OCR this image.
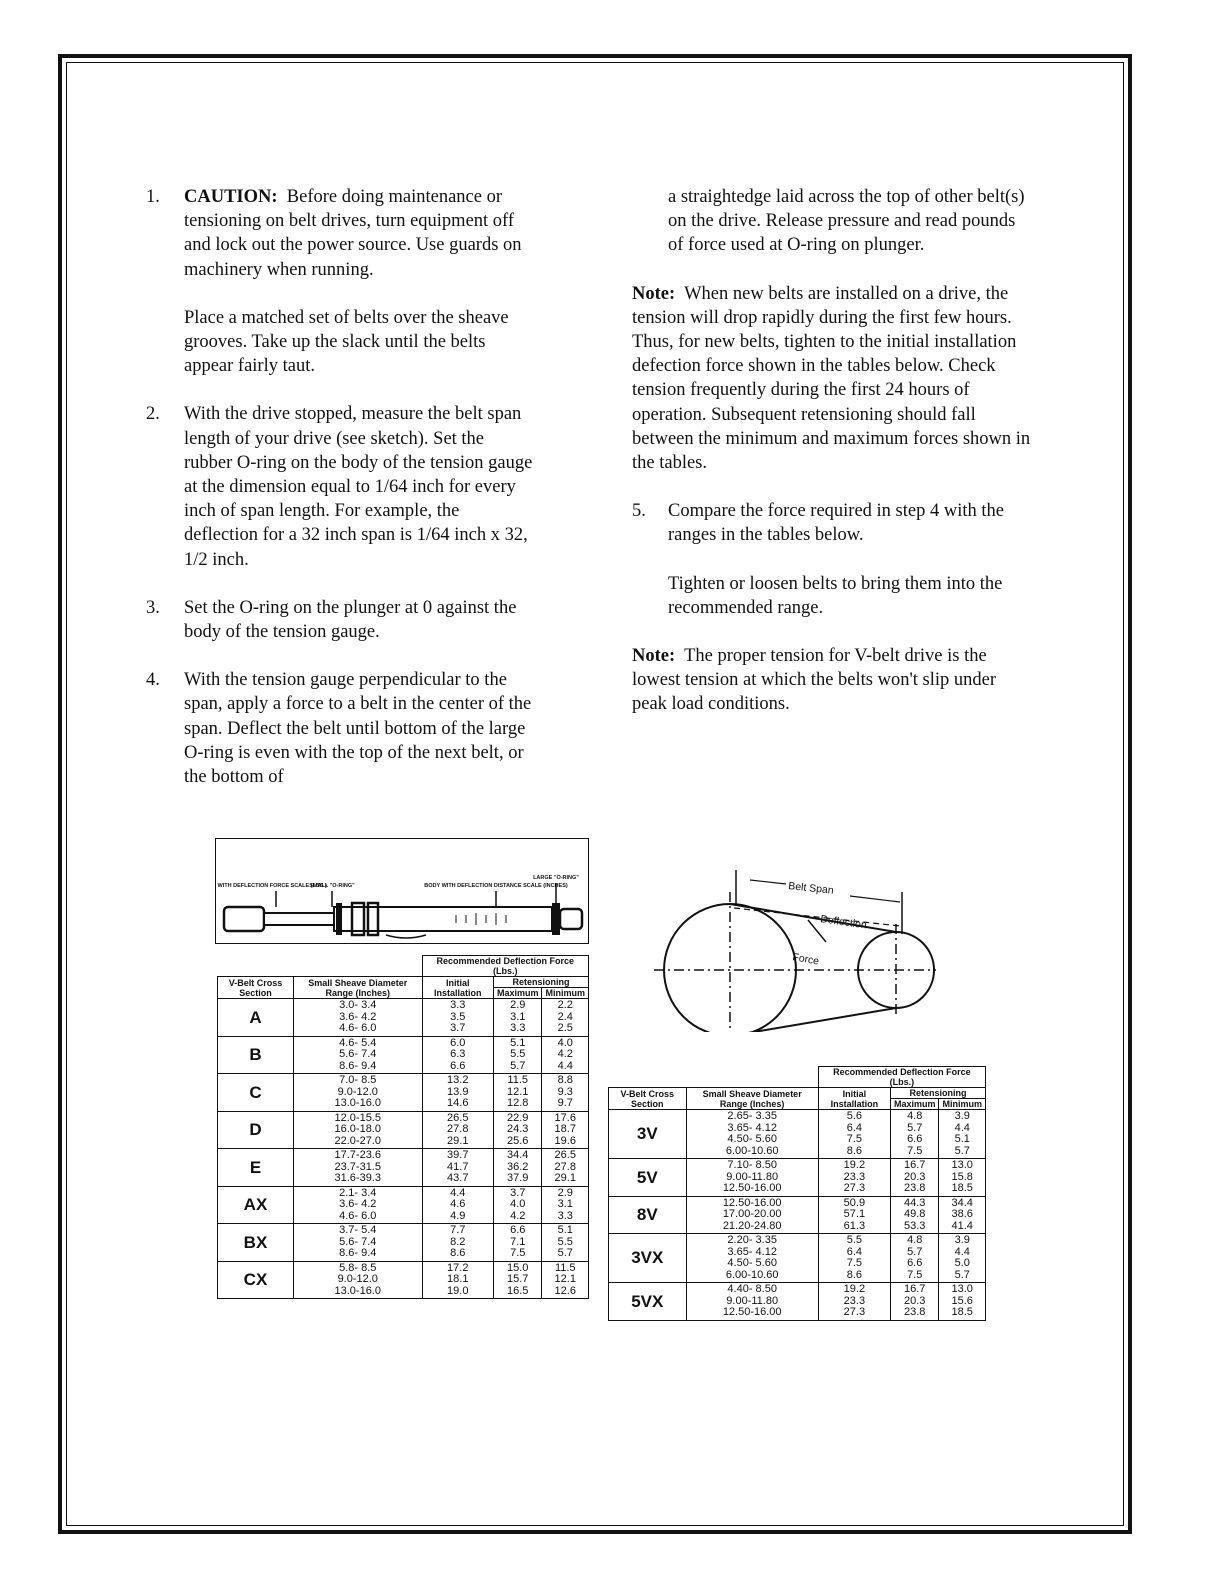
1.	CAUTION: Before doing maintenance or tensioning on belt drives, turn equipment off and lock out the power source. Use guards on machinery when running.

Place a matched set of belts over the sheave grooves. Take up the slack until the belts appear fairly taut.

2.	With the drive stopped, measure the belt span length of your drive (see sketch). Set the rubber O-ring on the body of the tension gauge at the dimension equal to 1/64 inch for every inch of span length. For example, the deflection for a 32 inch span is 1/64 inch x 32, 1/2 inch.

3.	Set the O-ring on the plunger at 0 against the body of the tension gauge.

4.	With the tension gauge perpendicular to the span, apply a force to a belt in the center of the span. Deflect the belt until bottom of the large O-ring is even with the top of the next belt, or the bottom of

a straightedge laid across the top of other belt(s) on the drive. Release pressure and read pounds of force used at O-ring on plunger.

Note: When new belts are installed on a drive, the tension will drop rapidly during the first few hours. Thus, for new belts, tighten to the initial installation defection force shown in the tables below. Check tension frequently during the first 24 hours of operation. Subsequent retensioning should fall between the minimum and maximum forces shown in the tables.

5.	Compare the force required in step 4 with the ranges in the tables below.

Tighten or loosen belts to bring them into the recommended range.

Note: The proper tension for V-belt drive is the lowest tension at which the belts won't slip under peak load conditions.

WITH DEFLECTION FORCE SCALE (LBS.)
SMALL "O-RING"	BODY WITH DEFLECTION DISTANCE SCALE (INCHES)
LARGE "O-RING"
Belt Span
Deflection
Force
		Recommended Deflection Force (Lbs.)		
V-Belt Cross Section	Small Sheave Diameter Range (Inches)	Initial Installation	Retensioning	
			Maximum	Minimum
A	3.0- 3.4
3.6- 4.2
4.6- 6.0	3.3
3.5
3.7	2.9
3.1
3.3	2.2
2.4
2.5

B	4.6- 5.4
5.6- 7.4
8.6- 9.4	6.0
6.3
6.6	5.1
5.5
5.7	4.0
4.2
4.4

C	7.0- 8.5
9.0-12.0
13.0-16.0	13.2
13.9
14.6	11.5
12.1
12.8	8.8
9.3
9.7

D	12.0-15.5
16.0-18.0
22.0-27.0	26.5
27.8
29.1	22.9
24.3
25.6	17.6
18.7
19.6

E	17.7-23.6
23.7-31.5
31.6-39.3	39.7
41.7
43.7	34.4
36.2
37.9	26.5
27.8
29.1

AX	2.1- 3.4
3.6- 4.2
4.6- 6.0	4.4
4.6
4.9	3.7
4.0
4.2	2.9
3.1
3.3

BX	3.7- 5.4
5.6- 7.4
8.6- 9.4	7.7
8.2
8.6	6.6
7.1
7.5	5.1
5.5
5.7

CX	5.8- 8.5
9.0-12.0
13.0-16.0	17.2
18.1
19.0	15.0
15.7
16.5	11.5
12.1
12.6
		Recommended Deflection Force (Lbs.)		
V-Belt Cross Section	Small Sheave Diameter Range (Inches)	Initial Installation	Retensioning	
			Maximum	Minimum
3V	2.65- 3.35
3.65- 4.12
4.50- 5.60
6.00-10.60	5.6
6.4
7.5
8.6	4.8
5.7
6.6
7.5	3.9
4.4
5.1
5.7

5V	7.10- 8.50
9.00-11.80
12.50-16.00	19.2
23.3
27.3	16.7
20.3
23.8	13.0
15.8
18.5

8V	12.50-16.00
17.00-20.00
21.20-24.80	50.9
57.1
61.3	44.3
49.8
53.3	34.4
38.6
41.4

3VX	2.20- 3.35
3.65- 4.12
4.50- 5.60
6.00-10.60	5.5
6.4
7.5
8.6	4.8
5.7
6.6
7.5	3.9
4.4
5.0
5.7

5VX	4.40- 8.50
9.00-11.80
12.50-16.00	19.2
23.3
27.3	16.7
20.3
23.8	13.0
15.6
18.5
